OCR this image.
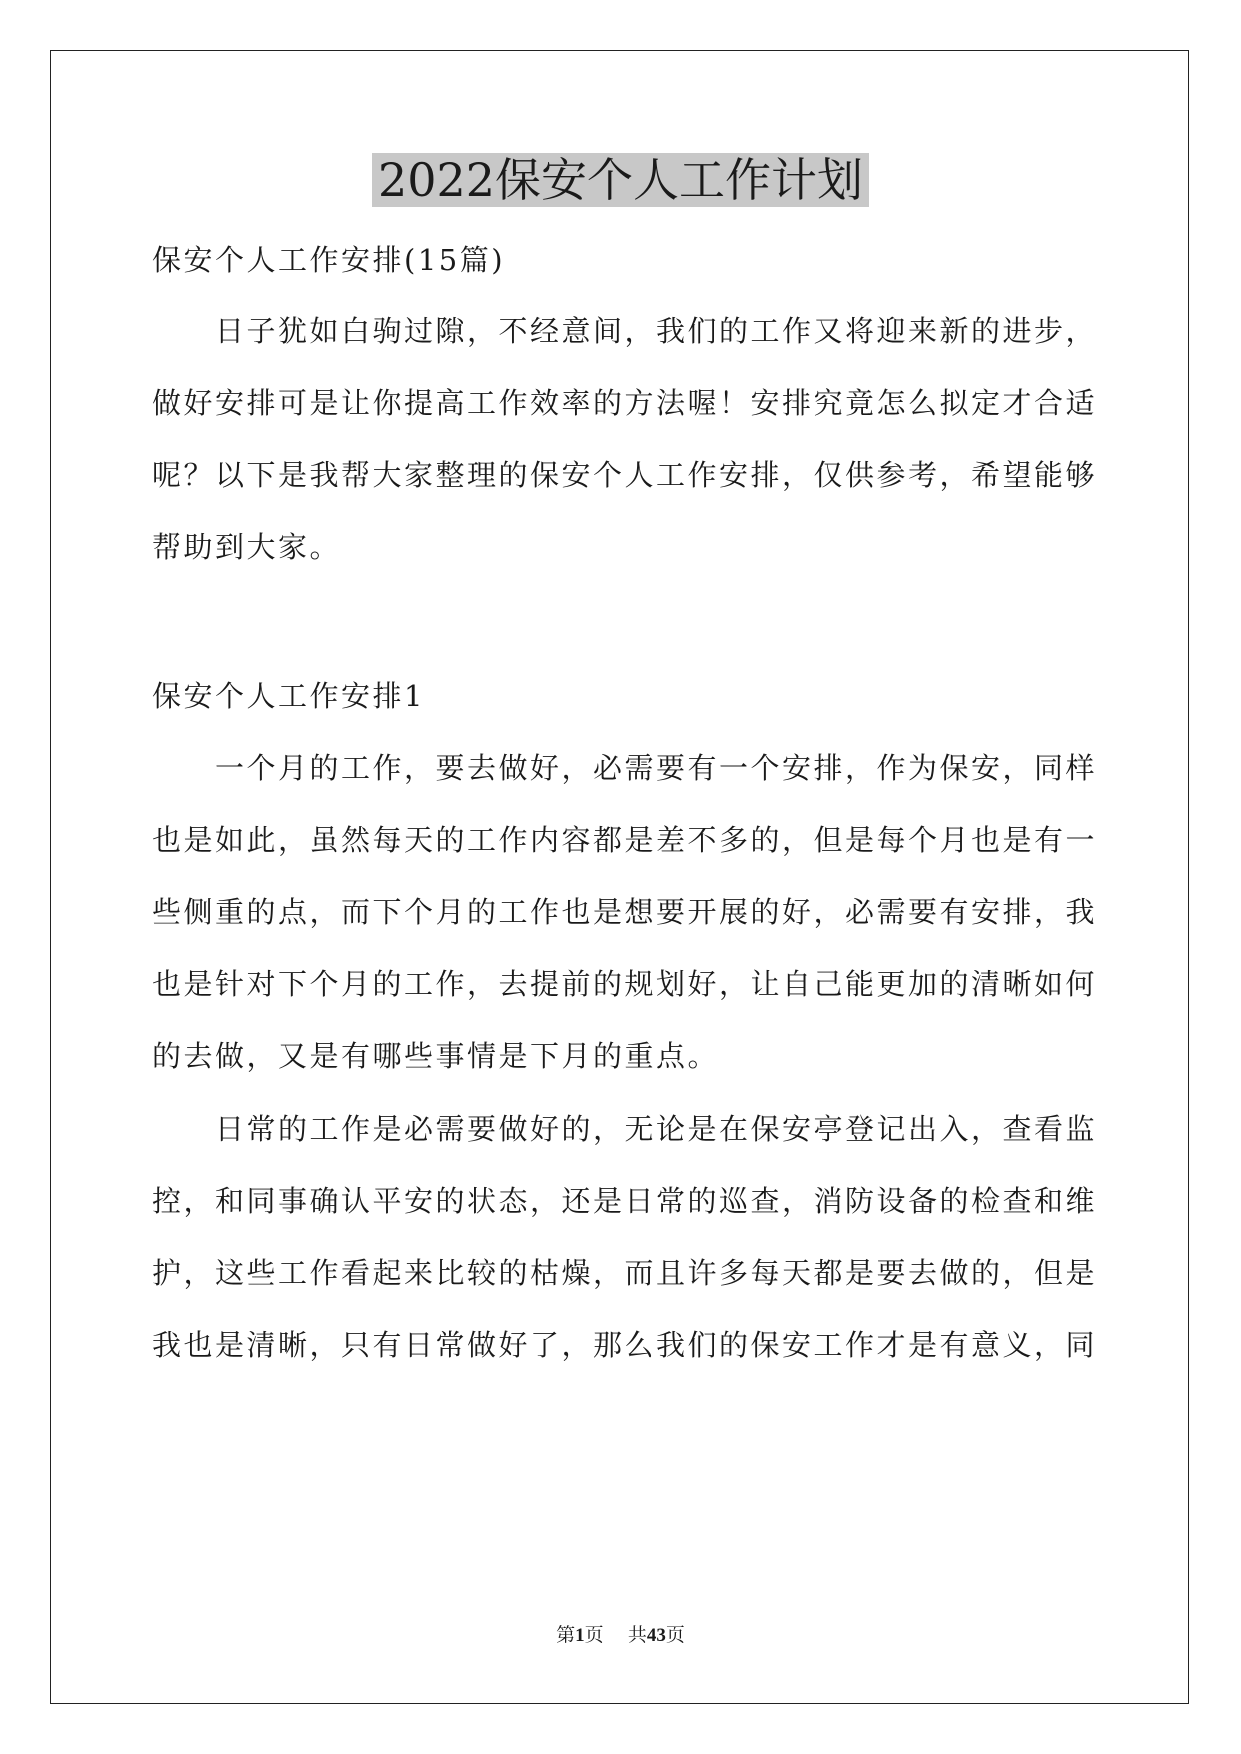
2022保安个人工作计划
保安个人工作安排(15篇)
日子犹如白驹过隙，不经意间，我们的工作又将迎来新的进步，
做好安排可是让你提高工作效率的方法喔！安排究竟怎么拟定才合适
呢？以下是我帮大家整理的保安个人工作安排，仅供参考，希望能够
帮助到大家。
保安个人工作安排1
一个月的工作，要去做好，必需要有一个安排，作为保安，同样
也是如此，虽然每天的工作内容都是差不多的，但是每个月也是有一
些侧重的点，而下个月的工作也是想要开展的好，必需要有安排，我
也是针对下个月的工作，去提前的规划好，让自己能更加的清晰如何
的去做，又是有哪些事情是下月的重点。
日常的工作是必需要做好的，无论是在保安亭登记出入，查看监
控，和同事确认平安的状态，还是日常的巡查，消防设备的检查和维
护，这些工作看起来比较的枯燥，而且许多每天都是要去做的，但是
我也是清晰，只有日常做好了，那么我们的保安工作才是有意义，同
第1页 共43页
